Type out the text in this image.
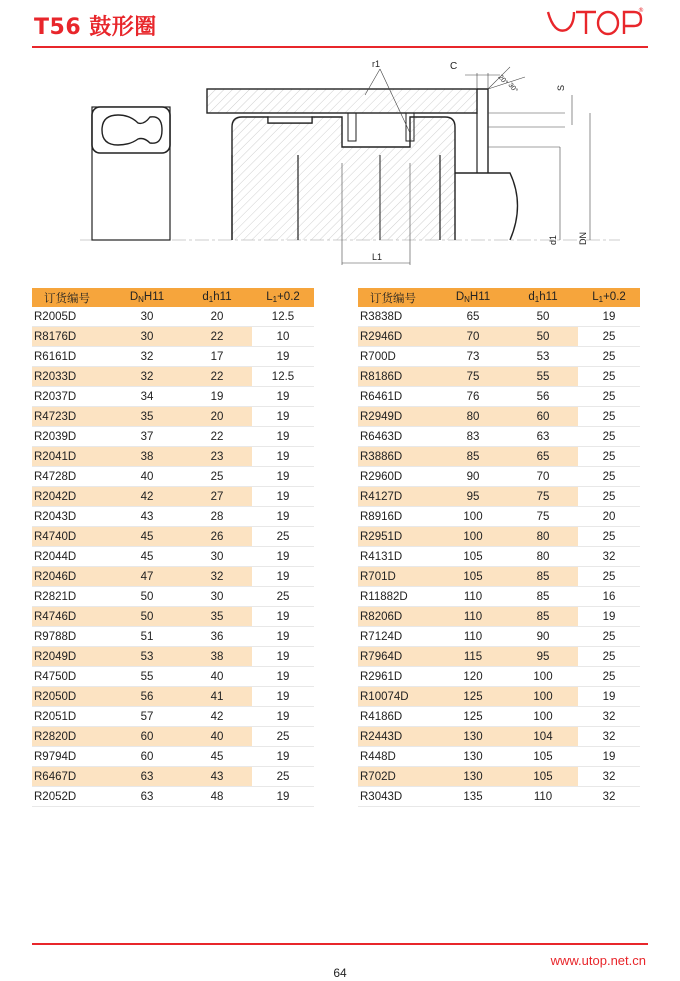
T56 鼓形圈
®
r1	C
20°
30°	S
d1 DN
L1
订货编号	$D_NH11$	$d_1h11$	$L_1+0.2$
R2005D	30	20	12.5
R8176D	30	22	10
R6161D	32	17	19
R2033D	32	22	12.5
R2037D	34	19	19
R4723D	35	20	19
R2039D	37	22	19
R2041D	38	23	19
R4728D	40	25	19
R2042D	42	27	19
R2043D	43	28	19
R4740D	45	26	25
R2044D	45	30	19
R2046D	47	32	19
R2821D	50	30	25
R4746D	50	35	19
R9788D	51	36	19
R2049D	53	38	19
R4750D	55	40	19
R2050D	56	41	19
R2051D	57	42	19
R2820D	60	40	25
R9794D	60	45	19
R6467D	63	43	25
R2052D	63	48	19
订货编号	$D_NH11$	$d_1h11$	$L_1+0.2$
R3838D	65	50	19
R2946D	70	50	25
R700D	73	53	25
R8186D	75	55	25
R6461D	76	56	25
R2949D	80	60	25
R6463D	83	63	25
R3886D	85	65	25
R2960D	90	70	25
R4127D	95	75	25
R8916D	100	75	20
R2951D	100	80	25
R4131D	105	80	32
R701D	105	85	25
R11882D	110	85	16
R8206D	110	85	19
R7124D	110	90	25
R7964D	115	95	25
R2961D	120	100	25
R10074D	125	100	19
R4186D	125	100	32
R2443D	130	104	32
R448D	130	105	19
R702D	130	105	32
R3043D	135	110	32
www.utop.net.cn
64
